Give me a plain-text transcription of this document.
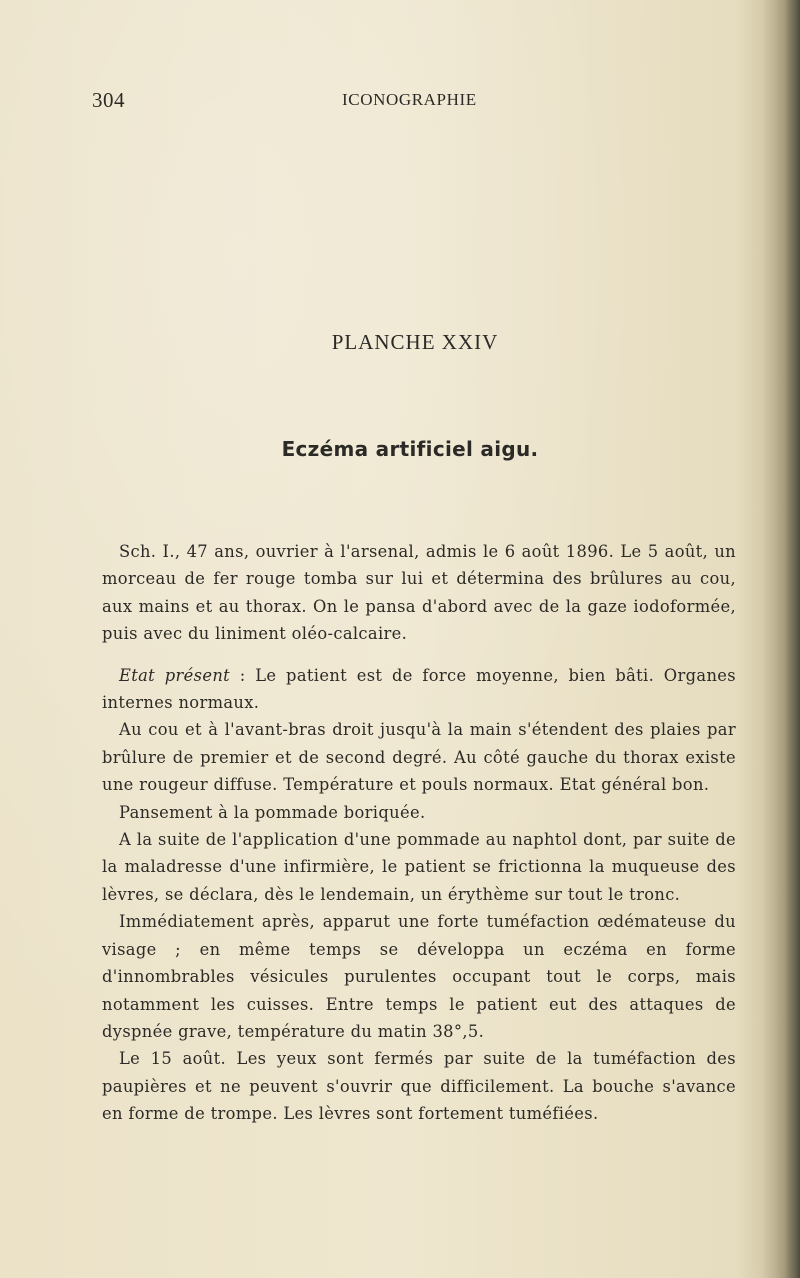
304	ICONOGRAPHIE
PLANCHE XXIV
Eczéma artificiel aigu.

Sch. I., 47 ans, ouvrier à l'arsenal, admis le 6 août 1896. Le 5 août, un morceau de fer rouge tomba sur lui et détermina des brûlures au cou, aux mains et au thorax. On le pansa d'abord avec de la gaze iodoformée, puis avec du liniment oléo-calcaire.

Etat présent : Le patient est de force moyenne, bien bâti. Organes internes normaux.

Au cou et à l'avant-bras droit jusqu'à la main s'étendent des plaies par brûlure de premier et de second degré. Au côté gauche du thorax existe une rougeur diffuse. Température et pouls normaux. Etat général bon.

Pansement à la pommade boriquée.

A la suite de l'application d'une pommade au naphtol dont, par suite de la maladresse d'une infirmière, le patient se frictionna la muqueuse des lèvres, se déclara, dès le lendemain, un érythème sur tout le tronc.

Immédiatement après, apparut une forte tuméfaction œdémateuse du visage ; en même temps se développa un eczéma en forme d'innombrables vésicules purulentes occupant tout le corps, mais notamment les cuisses. Entre temps le patient eut des attaques de dyspnée grave, température du matin 38°,5.

Le 15 août. Les yeux sont fermés par suite de la tuméfaction des paupières et ne peuvent s'ouvrir que difficilement. La bouche s'avance en forme de trompe. Les lèvres sont fortement tuméfiées.
